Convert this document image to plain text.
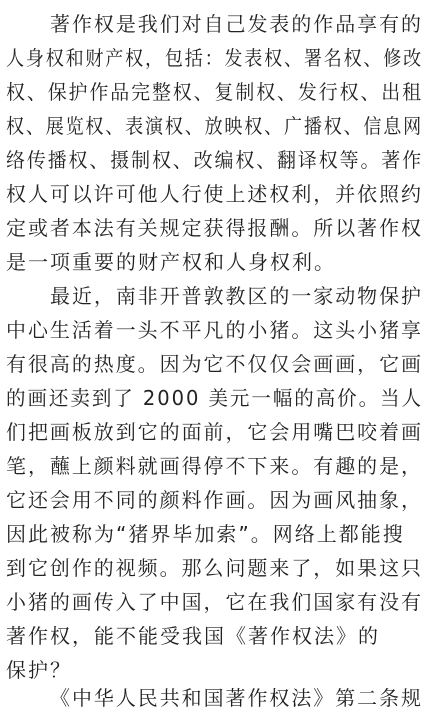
著作权是我们对自己发表的作品享有的
人身权和财产权，包括：发表权、署名权、修改
权、保护作品完整权、复制权、发行权、出租
权、展览权、表演权、放映权、广播权、信息网
络传播权、摄制权、改编权、翻译权等。著作
权人可以许可他人行使上述权利，并依照约
定或者本法有关规定获得报酬。所以著作权
是一项重要的财产权和人身权利。
最近，南非开普敦教区的一家动物保护
中心生活着一头不平凡的小猪。这头小猪享
有很高的热度。因为它不仅仅会画画，它画
的画还卖到了 2000 美元一幅的高价。当人
们把画板放到它的面前，它会用嘴巴咬着画
笔，蘸上颜料就画得停不下来。有趣的是，
它还会用不同的颜料作画。因为画风抽象，
因此被称为“猪界毕加索”。网络上都能搜
到它创作的视频。那么问题来了，如果这只
小猪的画传入了中国，它在我们国家有没有
著作权，能不能受我国《著作权法》的
保护？
《中华人民共和国著作权法》第二条规
